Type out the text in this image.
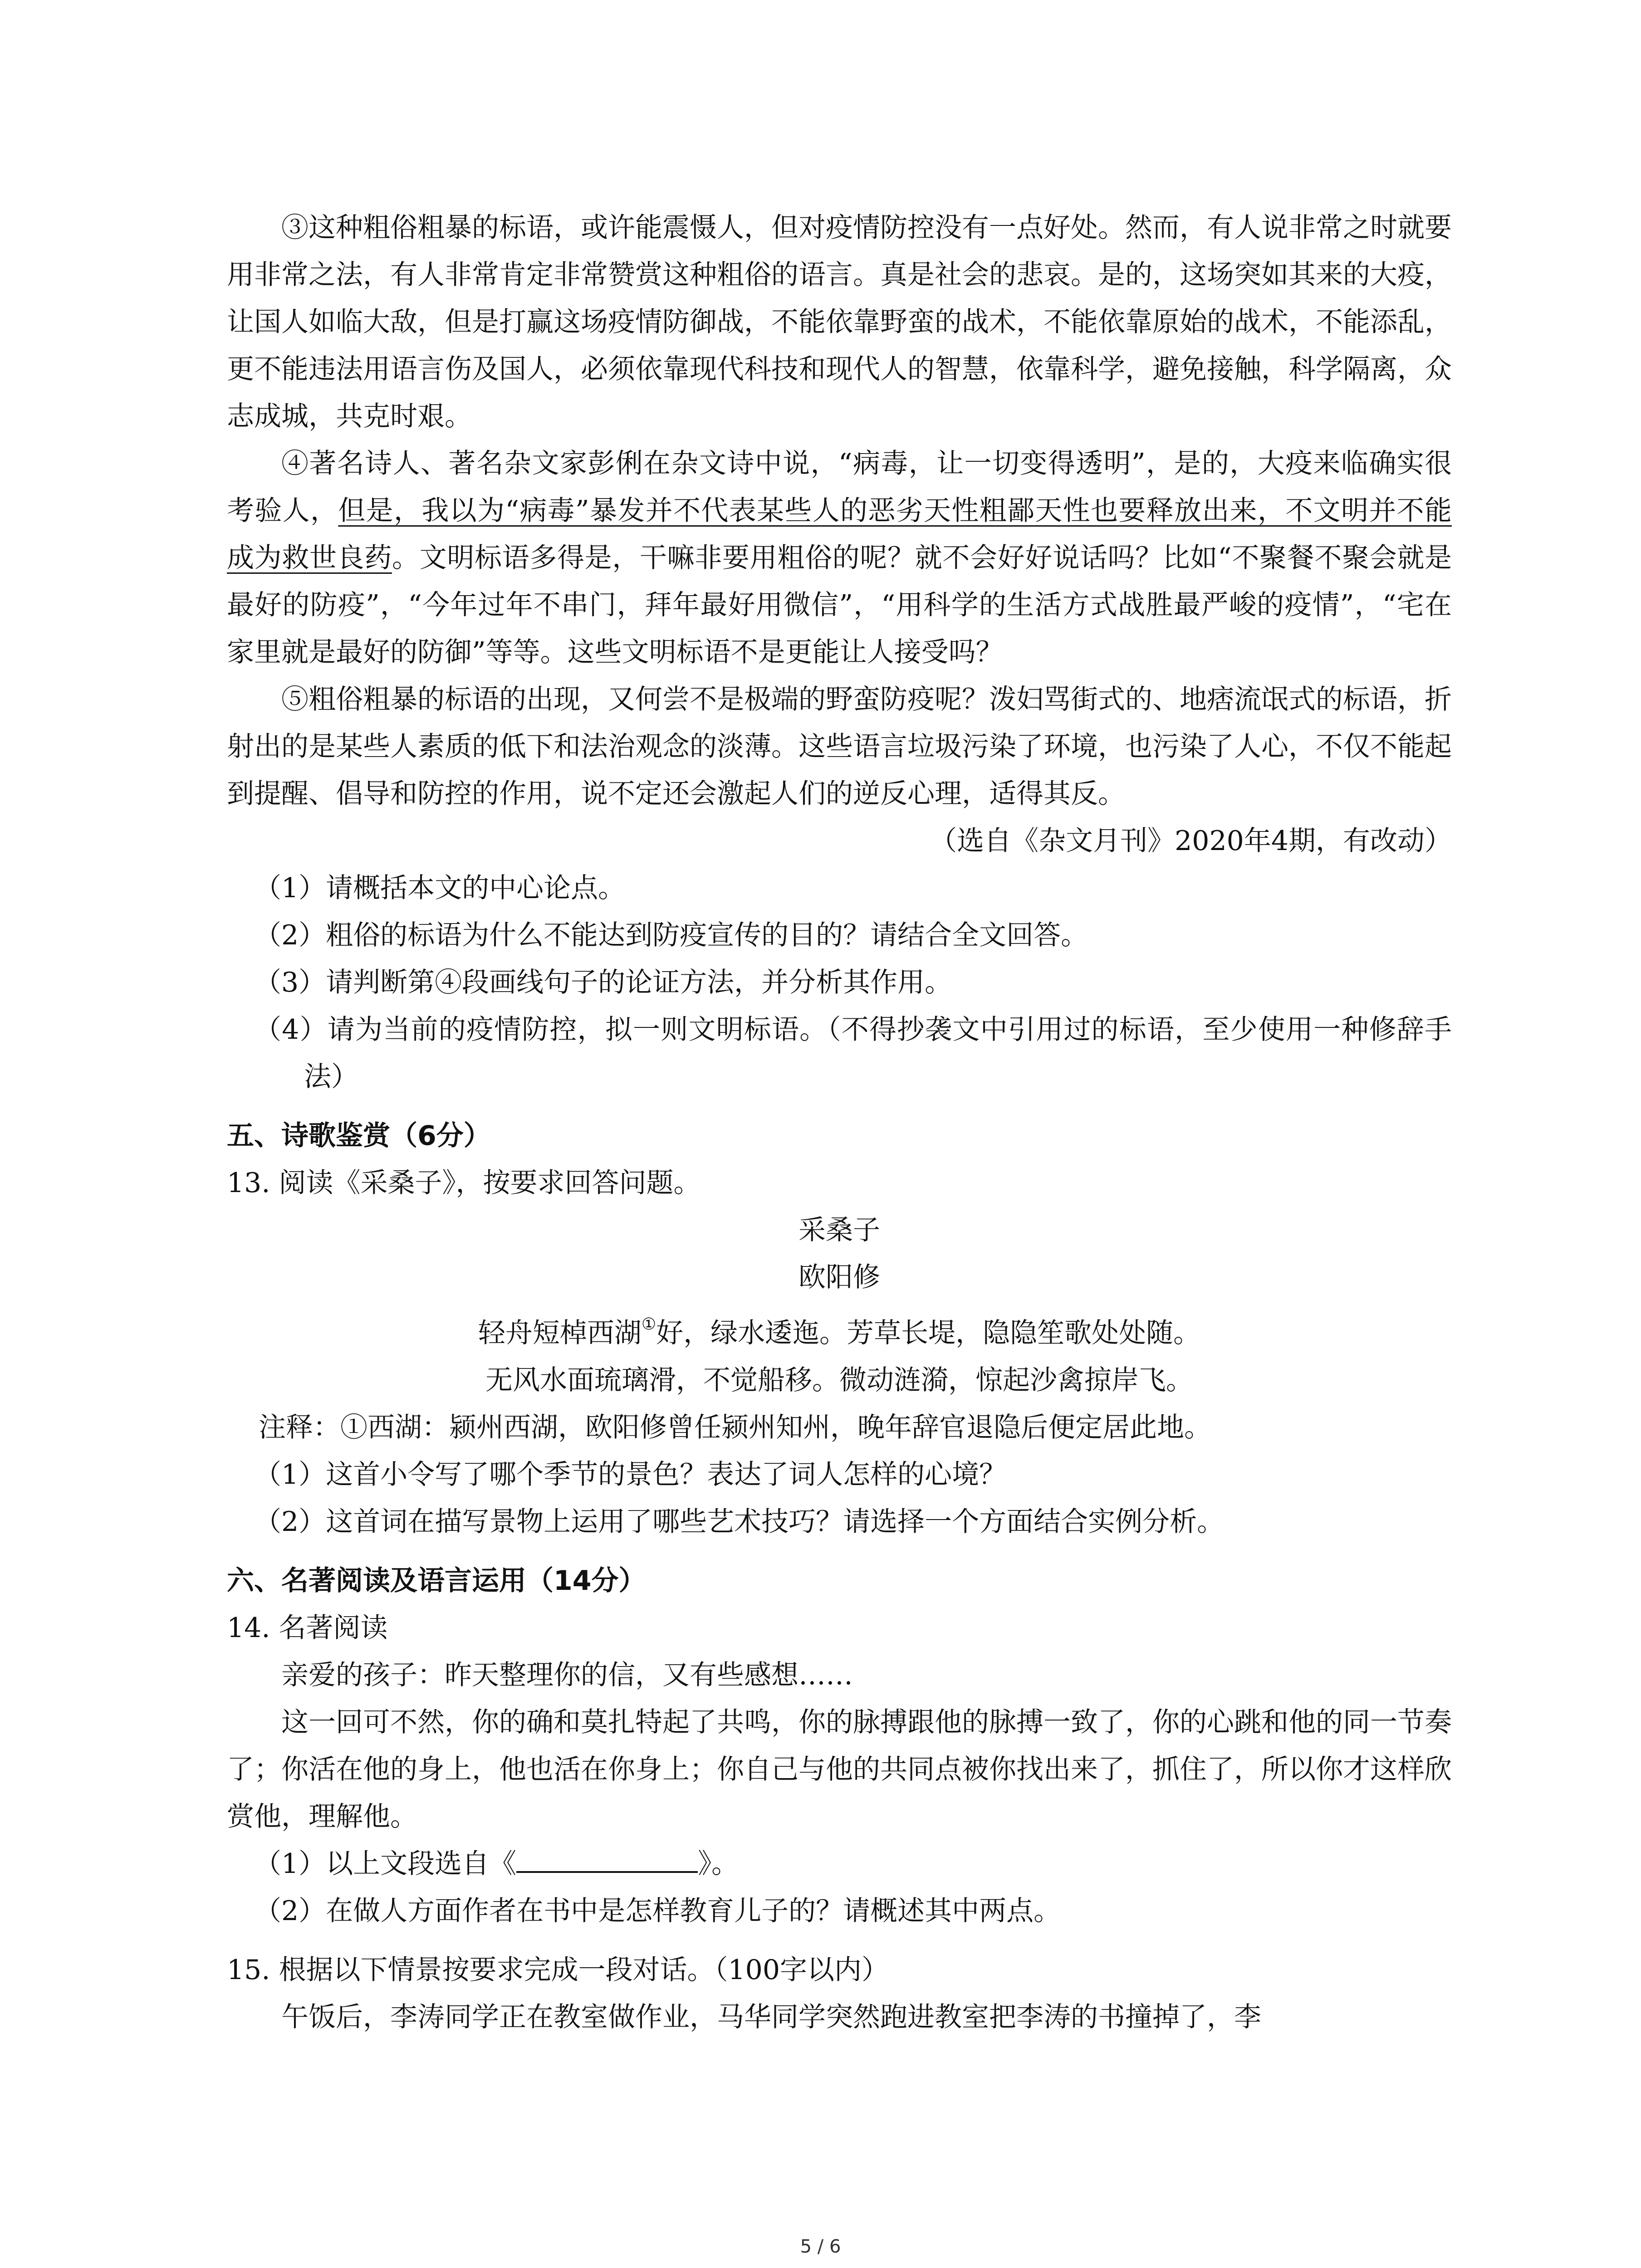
③这种粗俗粗暴的标语，或许能震慑人，但对疫情防控没有一点好处。然而，有人说非常之时就要用非常之法，有人非常肯定非常赞赏这种粗俗的语言。真是社会的悲哀。是的，这场突如其来的大疫，让国人如临大敌，但是打赢这场疫情防御战，不能依靠野蛮的战术，不能依靠原始的战术，不能添乱，更不能违法用语言伤及国人，必须依靠现代科技和现代人的智慧，依靠科学，避免接触，科学隔离，众志成城，共克时艰。

④著名诗人、著名杂文家彭俐在杂文诗中说，“病毒，让一切变得透明”，是的，大疫来临确实很考验人，但是，我以为“病毒”暴发并不代表某些人的恶劣天性粗鄙天性也要释放出来，不文明并不能成为救世良药。文明标语多得是，干嘛非要用粗俗的呢？就不会好好说话吗？比如“不聚餐不聚会就是最好的防疫”，“今年过年不串门，拜年最好用微信”，“用科学的生活方式战胜最严峻的疫情”，“宅在家里就是最好的防御”等等。这些文明标语不是更能让人接受吗？

⑤粗俗粗暴的标语的出现，又何尝不是极端的野蛮防疫呢？泼妇骂街式的、地痞流氓式的标语，折射出的是某些人素质的低下和法治观念的淡薄。这些语言垃圾污染了环境，也污染了人心，不仅不能起到提醒、倡导和防控的作用，说不定还会激起人们的逆反心理，适得其反。

（选自《杂文月刊》2020年4期，有改动）

（1）请概括本文的中心论点。

（2）粗俗的标语为什么不能达到防疫宣传的目的？请结合全文回答。

（3）请判断第④段画线句子的论证方法，并分析其作用。

（4）请为当前的疫情防控，拟一则文明标语。（不得抄袭文中引用过的标语，至少使用一种修辞手法）

五、诗歌鉴赏（6分）

13. 阅读《采桑子》，按要求回答问题。

采桑子

欧阳修

轻舟短棹西湖①好，绿水逶迤。芳草长堤，隐隐笙歌处处随。

无风水面琉璃滑，不觉船移。微动涟漪，惊起沙禽掠岸飞。

注释：①西湖：颍州西湖，欧阳修曾任颍州知州，晚年辞官退隐后便定居此地。

（1）这首小令写了哪个季节的景色？表达了词人怎样的心境？

（2）这首词在描写景物上运用了哪些艺术技巧？请选择一个方面结合实例分析。

六、名著阅读及语言运用（14分）

14. 名著阅读

亲爱的孩子：昨天整理你的信，又有些感想……

这一回可不然，你的确和莫扎特起了共鸣，你的脉搏跟他的脉搏一致了，你的心跳和他的同一节奏了；你活在他的身上，他也活在你身上；你自己与他的共同点被你找出来了，抓住了，所以你才这样欣赏他，理解他。

（1）以上文段选自《	》。

（2）在做人方面作者在书中是怎样教育儿子的？请概述其中两点。

15. 根据以下情景按要求完成一段对话。（100字以内）

午饭后，李涛同学正在教室做作业，马华同学突然跑进教室把李涛的书撞掉了，李

5 / 6
